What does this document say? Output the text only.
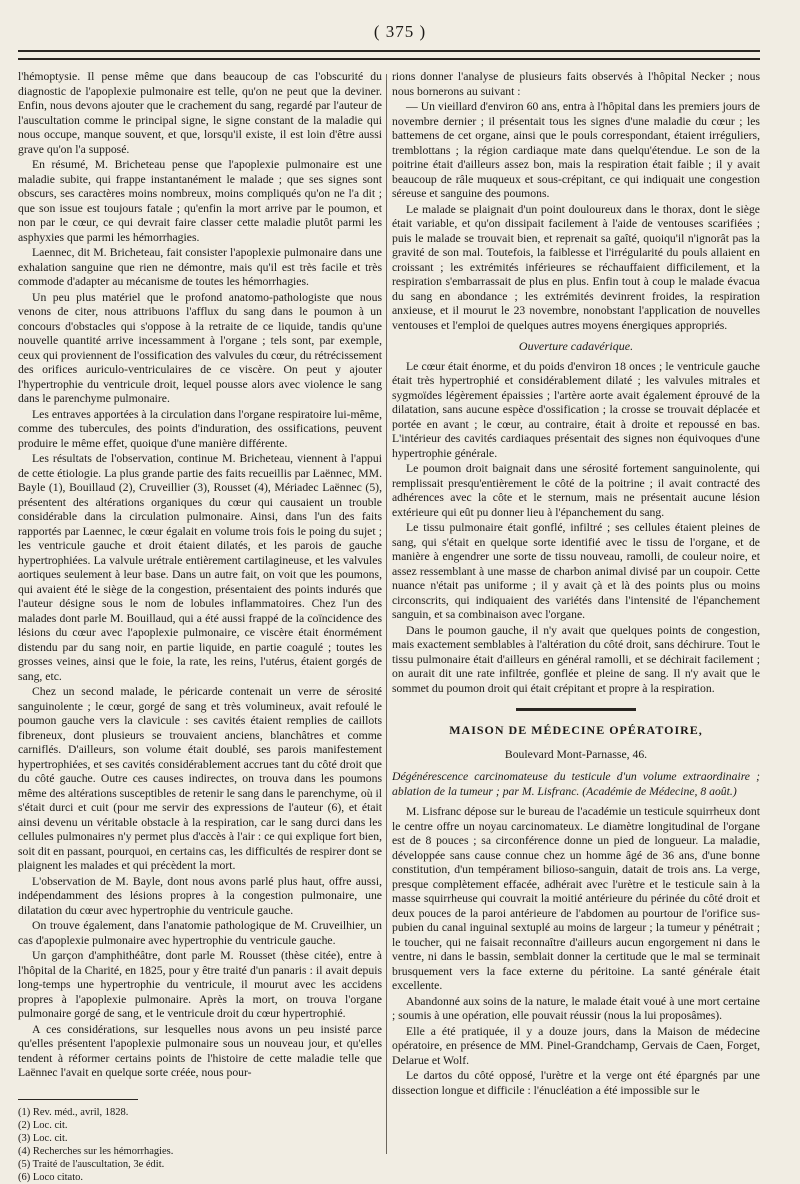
( 375 )

l'hémoptysie. Il pense même que dans beaucoup de cas l'obscurité du diagnostic de l'apoplexie pulmonaire est telle, qu'on ne peut que la deviner. Enfin, nous devons ajouter que le crachement du sang, regardé par l'auteur de l'auscultation comme le principal signe, le signe constant de la maladie qui nous occupe, manque souvent, et que, lorsqu'il existe, il est loin d'être aussi grave qu'on l'a supposé.

En résumé, M. Bricheteau pense que l'apoplexie pulmonaire est une maladie subite, qui frappe instantanément le malade ; que ses signes sont obscurs, ses caractères moins nombreux, moins compliqués qu'on ne l'a dit ; que son issue est toujours fatale ; qu'enfin la mort arrive par le poumon, et non par le cœur, ce qui devrait faire classer cette maladie plutôt parmi les asphyxies que parmi les hémorrhagies.

Laennec, dit M. Bricheteau, fait consister l'apoplexie pulmonaire dans une exhalation sanguine que rien ne démontre, mais qu'il est très facile et très commode d'adapter au mécanisme de toutes les hémorrhagies.

Un peu plus matériel que le profond anatomo-pathologiste que nous venons de citer, nous attribuons l'afflux du sang dans le poumon à un concours d'obstacles qui s'oppose à la retraite de ce liquide, tandis qu'une nouvelle quantité arrive incessamment à l'organe ; tels sont, par exemple, ceux qui proviennent de l'ossification des valvules du cœur, du rétrécissement des orifices auriculo-ventriculaires de ce viscère. On peut y ajouter l'hypertrophie du ventricule droit, lequel pousse alors avec violence le sang dans le parenchyme pulmonaire.

Les entraves apportées à la circulation dans l'organe respiratoire lui-même, comme des tubercules, des points d'induration, des ossifications, peuvent produire le même effet, quoique d'une manière différente.

Les résultats de l'observation, continue M. Bricheteau, viennent à l'appui de cette étiologie. La plus grande partie des faits recueillis par Laënnec, MM. Bayle (1), Bouillaud (2), Cruveillier (3), Rousset (4), Mériadec Laënnec (5), présentent des altérations organiques du cœur qui causaient un trouble considérable dans la circulation pulmonaire. Ainsi, dans l'un des faits rapportés par Laennec, le cœur égalait en volume trois fois le poing du sujet ; les ventricule gauche et droit étaient dilatés, et les parois de gauche hypertrophiées. La valvule urétrale entièrement cartilagineuse, et les valvules aortiques seulement à leur base. Dans un autre fait, on voit que les poumons, qui avaient été le siège de la congestion, présentaient des points indurés que l'auteur désigne sous le nom de lobules inflammatoires. Chez l'un des malades dont parle M. Bouillaud, qui a été aussi frappé de la coïncidence des lésions du cœur avec l'apoplexie pulmonaire, ce viscère était énormément distendu par du sang noir, en partie liquide, en partie coagulé ; toutes les grosses veines, ainsi que le foie, la rate, les reins, l'utérus, étaient gorgés de sang, etc.

Chez un second malade, le péricarde contenait un verre de sérosité sanguinolente ; le cœur, gorgé de sang et très volumineux, avait refoulé le poumon gauche vers la clavicule : ses cavités étaient remplies de caillots fibreneux, dont plusieurs se trouvaient anciens, blanchâtres et comme carniflés. D'ailleurs, son volume était doublé, ses parois manifestement hypertrophiées, et ses cavités considérablement accrues tant du côté droit que du côté gauche. Outre ces causes indirectes, on trouva dans les poumons même des altérations susceptibles de retenir le sang dans le parenchyme, où il s'était durci et cuit (pour me servir des expressions de l'auteur (6), et était ainsi devenu un véritable obstacle à la respiration, car le sang durci dans les cellules pulmonaires n'y permet plus d'accès à l'air : ce qui explique fort bien, soit dit en passant, pourquoi, en certains cas, les difficultés de respirer dont se plaignent les malades et qui précèdent la mort.

L'observation de M. Bayle, dont nous avons parlé plus haut, offre aussi, indépendamment des lésions propres à la congestion pulmonaire, une dilatation du cœur avec hypertrophie du ventricule gauche.

On trouve également, dans l'anatomie pathologique de M. Cruveilhier, un cas d'apoplexie pulmonaire avec hypertrophie du ventricule gauche.

Un garçon d'amphithéâtre, dont parle M. Rousset (thèse citée), entre à l'hôpital de la Charité, en 1825, pour y être traité d'un panaris : il avait depuis long-temps une hypertrophie du ventricule, il mourut avec les accidens propres à l'apoplexie pulmonaire. Après la mort, on trouva l'organe pulmonaire gorgé de sang, et le ventricule droit du cœur hypertrophié.

A ces considérations, sur lesquelles nous avons un peu insisté parce qu'elles présentent l'apoplexie pulmonaire sous un nouveau jour, et qu'elles tendent à réformer certains points de l'histoire de cette maladie telle que Laënnec l'avait en quelque sorte créée, nous pour-

(1) Rev. méd., avril, 1828.
(2) Loc. cit.
(3) Loc. cit.
(4) Recherches sur les hémorrhagies.
(5) Traité de l'auscultation, 3e édit.
(6) Loco citato.

rions donner l'analyse de plusieurs faits observés à l'hôpital Necker ; nous nous bornerons au suivant :

— Un vieillard d'environ 60 ans, entra à l'hôpital dans les premiers jours de novembre dernier ; il présentait tous les signes d'une maladie du cœur ; les battemens de cet organe, ainsi que le pouls correspondant, étaient irréguliers, tremblottans ; la région cardiaque mate dans quelqu'étendue. Le son de la poitrine était d'ailleurs assez bon, mais la respiration était faible ; il y avait beaucoup de râle muqueux et sous-crépitant, ce qui indiquait une congestion séreuse et sanguine des poumons.

Le malade se plaignait d'un point douloureux dans le thorax, dont le siège était variable, et qu'on dissipait facilement à l'aide de ventouses scarifiées ; puis le malade se trouvait bien, et reprenait sa gaîté, quoiqu'il n'ignorât pas la gravité de son mal. Toutefois, la faiblesse et l'irrégularité du pouls allaient en croissant ; les extrémités inférieures se réchauffaient difficilement, et la respiration s'embarrassait de plus en plus. Enfin tout à coup le malade évacua du sang en abondance ; les extrémités devinrent froides, la respiration anxieuse, et il mourut le 23 novembre, nonobstant l'application de nouvelles ventouses et l'emploi de quelques autres moyens énergiques appropriés.

Ouverture cadavérique.

Le cœur était énorme, et du poids d'environ 18 onces ; le ventricule gauche était très hypertrophié et considérablement dilaté ; les valvules mitrales et sygmoïdes légèrement épaissies ; l'artère aorte avait également éprouvé de la dilatation, sans aucune espèce d'ossification ; la crosse se trouvait déplacée et portée en avant ; le cœur, au contraire, était à droite et repoussé en bas. L'intérieur des cavités cardiaques présentait des signes non équivoques d'une hypertrophie générale.

Le poumon droit baignait dans une sérosité fortement sanguinolente, qui remplissait presqu'entièrement le côté de la poitrine ; il avait contracté des adhérences avec la côte et le sternum, mais ne présentait aucune lésion extérieure qui eût pu donner lieu à l'épanchement du sang.

Le tissu pulmonaire était gonflé, infiltré ; ses cellules étaient pleines de sang, qui s'était en quelque sorte identifié avec le tissu de l'organe, et de manière à engendrer une sorte de tissu nouveau, ramolli, de couleur noire, et assez ressemblant à une masse de charbon animal divisé par un coupoir. Cette nuance n'était pas uniforme ; il y avait çà et là des points plus ou moins circonscrits, qui indiquaient des variétés dans l'intensité de l'épanchement sanguin, et sa combinaison avec l'organe.

Dans le poumon gauche, il n'y avait que quelques points de congestion, mais exactement semblables à l'altération du côté droit, sans déchirure. Tout le tissu pulmonaire était d'ailleurs en général ramolli, et se déchirait facilement ; on aurait dit une rate infiltrée, gonflée et pleine de sang. Il n'y avait que le sommet du poumon droit qui était crépitant et propre à la respiration.

MAISON DE MÉDECINE OPÉRATOIRE,
Boulevard Mont-Parnasse, 46.

Dégénérescence carcinomateuse du testicule d'un volume extraordinaire ; ablation de la tumeur ; par M. Lisfranc. (Académie de Médecine, 8 août.)

M. Lisfranc dépose sur le bureau de l'académie un testicule squirrheux dont le centre offre un noyau carcinomateux. Le diamètre longitudinal de l'organe est de 8 pouces ; sa circonférence donne un pied de longueur. La maladie, développée sans cause connue chez un homme âgé de 36 ans, d'une bonne constitution, d'un tempérament bilioso-sanguin, datait de trois ans. La verge, presque complètement effacée, adhérait avec l'urètre et le testicule sain à la masse squirrheuse qui couvrait la moitié antérieure du périnée du côté droit et deux pouces de la paroi antérieure de l'abdomen au pourtour de l'orifice sus-pubien du canal inguinal sextuplé au moins de largeur ; la tumeur y pénétrait ; le toucher, qui ne faisait reconnaître d'ailleurs aucun engorgement ni dans le ventre, ni dans le bassin, semblait donner la certitude que le mal se terminait brusquement vers la face externe du péritoine. La santé générale était excellente.

Abandonné aux soins de la nature, le malade était voué à une mort certaine ; soumis à une opération, elle pouvait réussir (nous la lui proposâmes).

Elle a été pratiquée, il y a douze jours, dans la Maison de médecine opératoire, en présence de MM. Pinel-Grandchamp, Gervais de Caen, Forget, Delarue et Wolf.

Le dartos du côté opposé, l'urètre et la verge ont été épargnés par une dissection longue et difficile : l'énucléation a été impossible sur le
